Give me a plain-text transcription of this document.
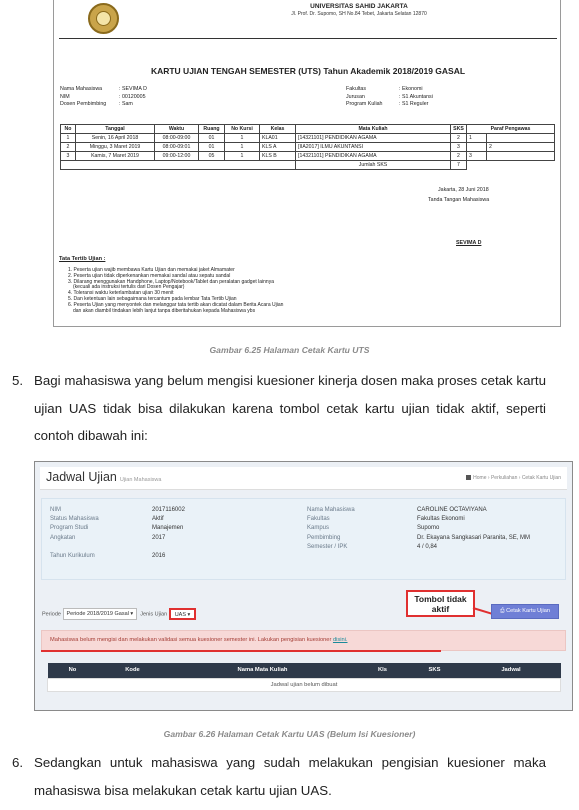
UNIVERSITAS SAHID JAKARTA
Jl. Prof. Dr. Supomo, SH No.84 Tebet, Jakarta Selatan 12870
KARTU UJIAN TENGAH SEMESTER (UTS) Tahun Akademik 2018/2019 GASAL
Nama Mahasiswa	: SEVIMA D
NIM	: 00120005
Dosen Pembimbing : Sam
Fakultas	: Ekonomi
Jurusan	: S1 Akuntansi
Program Kuliah	: S1 Reguler
No	Tanggal	Waktu	Ruang	No Kursi	Kelas	Mata Kuliah	SKS	Paraf Pengawas	
1	Senin, 16 April 2018	08:00-09:00	01	1	KLA01	[14321101] PENDIDIKAN AGAMA	2	1	
2	Minggu, 3 Maret 2019	08:00-09:01	01	1	KLS A	[IIA2017] ILMU AKUNTANSI	3		2
3	Kamis, 7 Maret 2019	09:00-12:00	05	1	KLS B	[14321101] PENDIDIKAN AGAMA	2	3	
						Jumlah SKS	7		
Jakarta, 28 Juni 2018
Tanda Tangan Mahasiswa
SEVIMA D
Tata Tertib Ujian :
1. Peserta ujian wajib membawa Kartu Ujian dan memakai jaket Almamater
2. Peserta ujian tidak diperkenankan memakai sandal atau sepatu sandal
3. Dilarang menggunakan Handphone, Laptop/Notebook/Tablet dan peralatan gadget lainnya
(kecuali ada instruksi tertulis dari Dosen Pengajar)
4. Toleransi waktu keterlambatan ujian 30 menit
5. Dan ketentuan lain sebagaimana tercantum pada lembar Tata Tertib Ujian
6. Peserta Ujian yang menyontek dan melanggar tata tertib akan dicatat dalam Berita Acara Ujian
dan akan diambil tindakan lebih lanjut tanpa diberitahukan kepada Mahasiswa ybs
Gambar 6.25 Halaman Cetak Kartu UTS
5. Bagi mahasiswa yang belum mengisi kuesioner kinerja dosen maka proses cetak kartu ujian UAS tidak bisa dilakukan karena tombol cetak kartu ujian tidak aktif, seperti contoh dibawah ini:
Jadwal Ujian Ujian Mahasiswa	Home › Perkuliahan › Cetak Kartu Ujian
NIM	2017116002
Status Mahasiswa	Aktif
Program Studi	Manajemen
Angkatan	2017
Tahun Kurikulum	2016
Nama Mahasiswa	CAROLINE OCTAVIYANA
Fakultas	Fakultas Ekonomi
Kampus	Supomo
Pembimbing	Dr. Ekayana Sangkasari Paranita, SE, MM
Semester / IPK	4 / 0,84
Periode Periode 2018/2019 Gasal ▾ Jenis Ujian UAS ▾
Tombol tidak aktif	⎙ Cetak Kartu Ujian
Mahasiswa belum mengisi dan melakukan validasi semua kuesioner semester ini. Lakukan pengisian kuesioner disini.
No	Kode	Nama Mata Kuliah	Kls	SKS	Jadwal
Jadwal ujian belum dibuat
Gambar 6.26 Halaman Cetak Kartu UAS (Belum Isi Kuesioner)
6. Sedangkan untuk mahasiswa yang sudah melakukan pengisian kuesioner maka mahasiswa bisa melakukan cetak kartu ujian UAS.
